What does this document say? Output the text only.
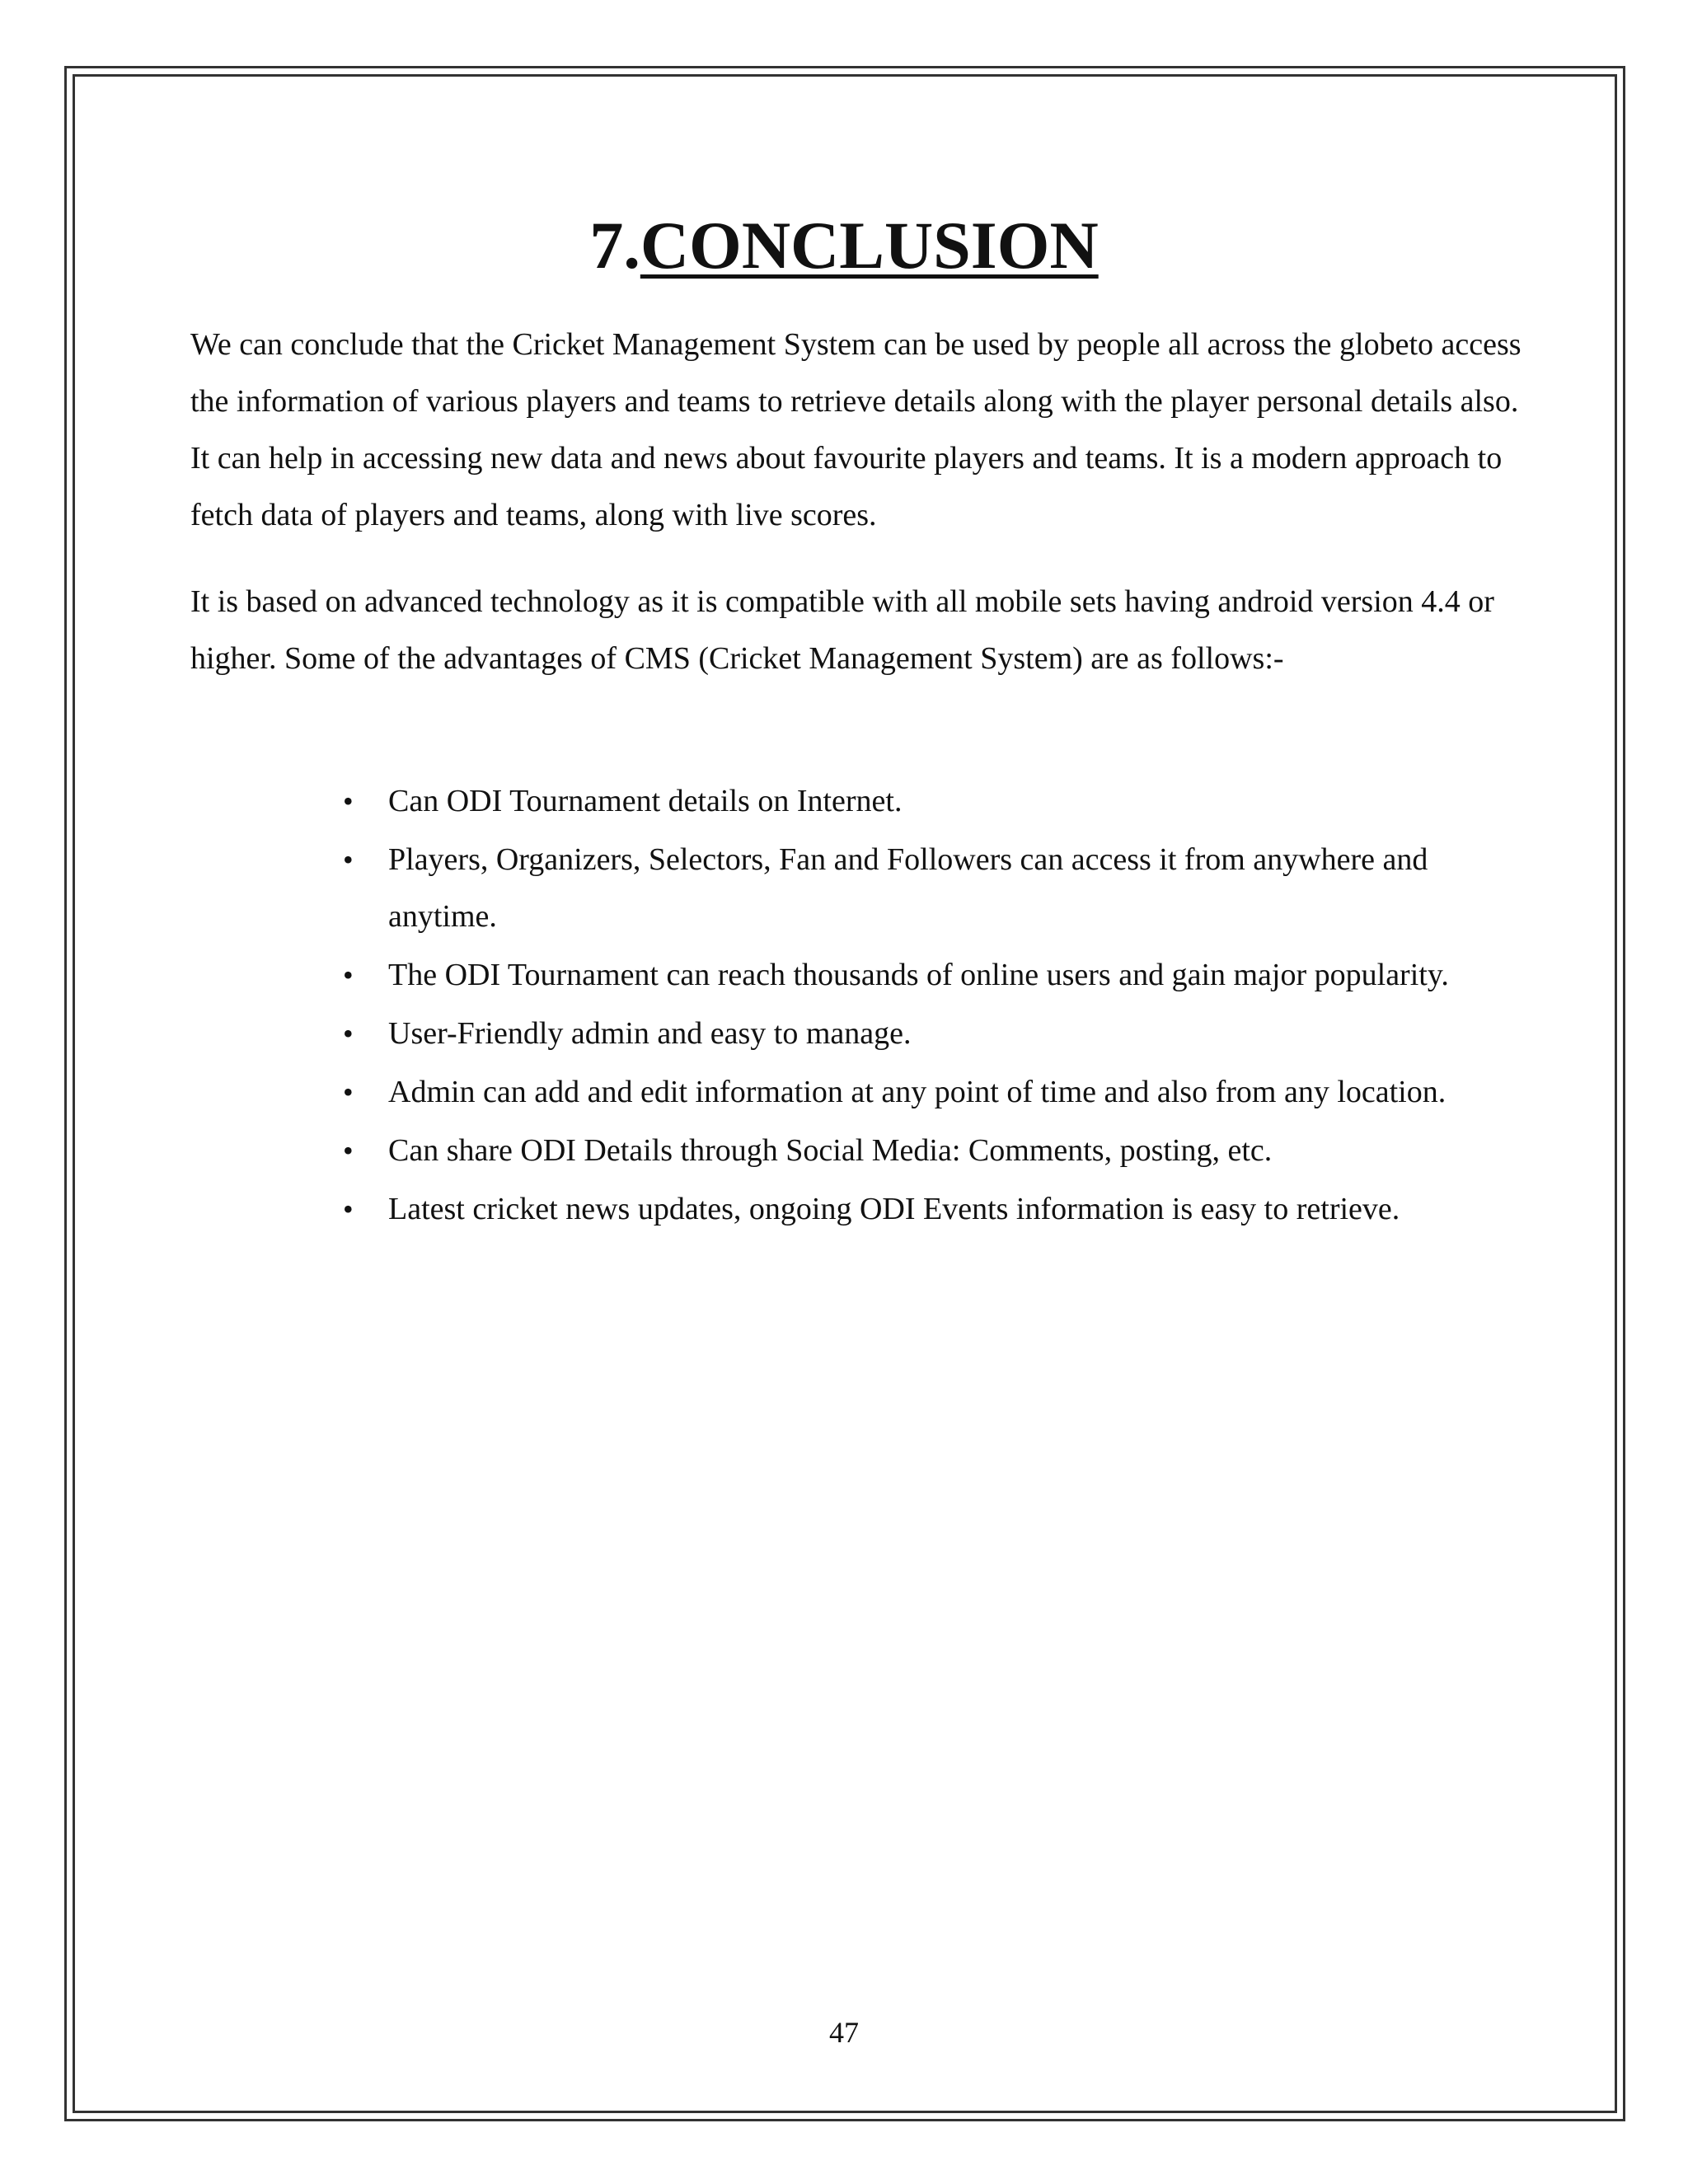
7.CONCLUSION

We can conclude that the Cricket Management System can be used by people all across the globeto access the information of various players and teams to retrieve details along with the player personal details also. It can help in accessing new data and news about favourite players and teams. It is a modern approach to fetch data of players and teams, along with live scores.

It is based on advanced technology as it is compatible with all mobile sets having android version 4.4 or higher. Some of the advantages of CMS (Cricket Management System) are as follows:-

• Can ODI Tournament details on Internet.
• Players, Organizers, Selectors, Fan and Followers can access it from anywhere and anytime.
• The ODI Tournament can reach thousands of online users and gain major popularity.
• User-Friendly admin and easy to manage.
• Admin can add and edit information at any point of time and also from any location.
• Can share ODI Details through Social Media: Comments, posting, etc.
• Latest cricket news updates, ongoing ODI Events information is easy to retrieve.
47
